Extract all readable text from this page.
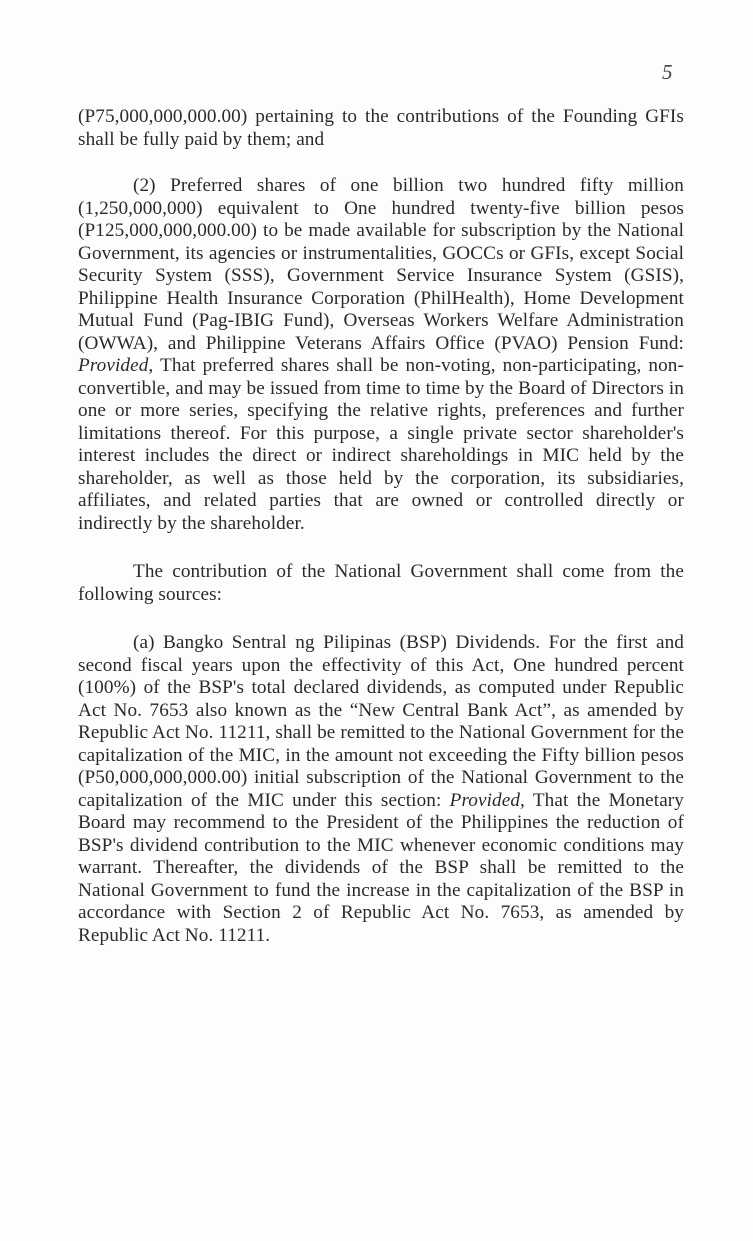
5

(P75,000,000,000.00) pertaining to the contributions of the Founding GFIs shall be fully paid by them; and

(2) Preferred shares of one billion two hundred fifty million (1,250,000,000) equivalent to One hundred twenty-five billion pesos (P125,000,000,000.00) to be made available for subscription by the National Government, its agencies or instrumentalities, GOCCs or GFIs, except Social Security System (SSS), Government Service Insurance System (GSIS), Philippine Health Insurance Corporation (PhilHealth), Home Development Mutual Fund (Pag-IBIG Fund), Overseas Workers Welfare Administration (OWWA), and Philippine Veterans Affairs Office (PVAO) Pension Fund: Provided, That preferred shares shall be non-voting, non-participating, non-convertible, and may be issued from time to time by the Board of Directors in one or more series, specifying the relative rights, preferences and further limitations thereof. For this purpose, a single private sector shareholder's interest includes the direct or indirect shareholdings in MIC held by the shareholder, as well as those held by the corporation, its subsidiaries, affiliates, and related parties that are owned or controlled directly or indirectly by the shareholder.

The contribution of the National Government shall come from the following sources:

(a) Bangko Sentral ng Pilipinas (BSP) Dividends. For the first and second fiscal years upon the effectivity of this Act, One hundred percent (100%) of the BSP's total declared dividends, as computed under Republic Act No. 7653 also known as the “New Central Bank Act”, as amended by Republic Act No. 11211, shall be remitted to the National Government for the capitalization of the MIC, in the amount not exceeding the Fifty billion pesos (P50,000,000,000.00) initial subscription of the National Government to the capitalization of the MIC under this section: Provided, That the Monetary Board may recommend to the President of the Philippines the reduction of BSP's dividend contribution to the MIC whenever economic conditions may warrant. Thereafter, the dividends of the BSP shall be remitted to the National Government to fund the increase in the capitalization of the BSP in accordance with Section 2 of Republic Act No. 7653, as amended by Republic Act No. 11211.
